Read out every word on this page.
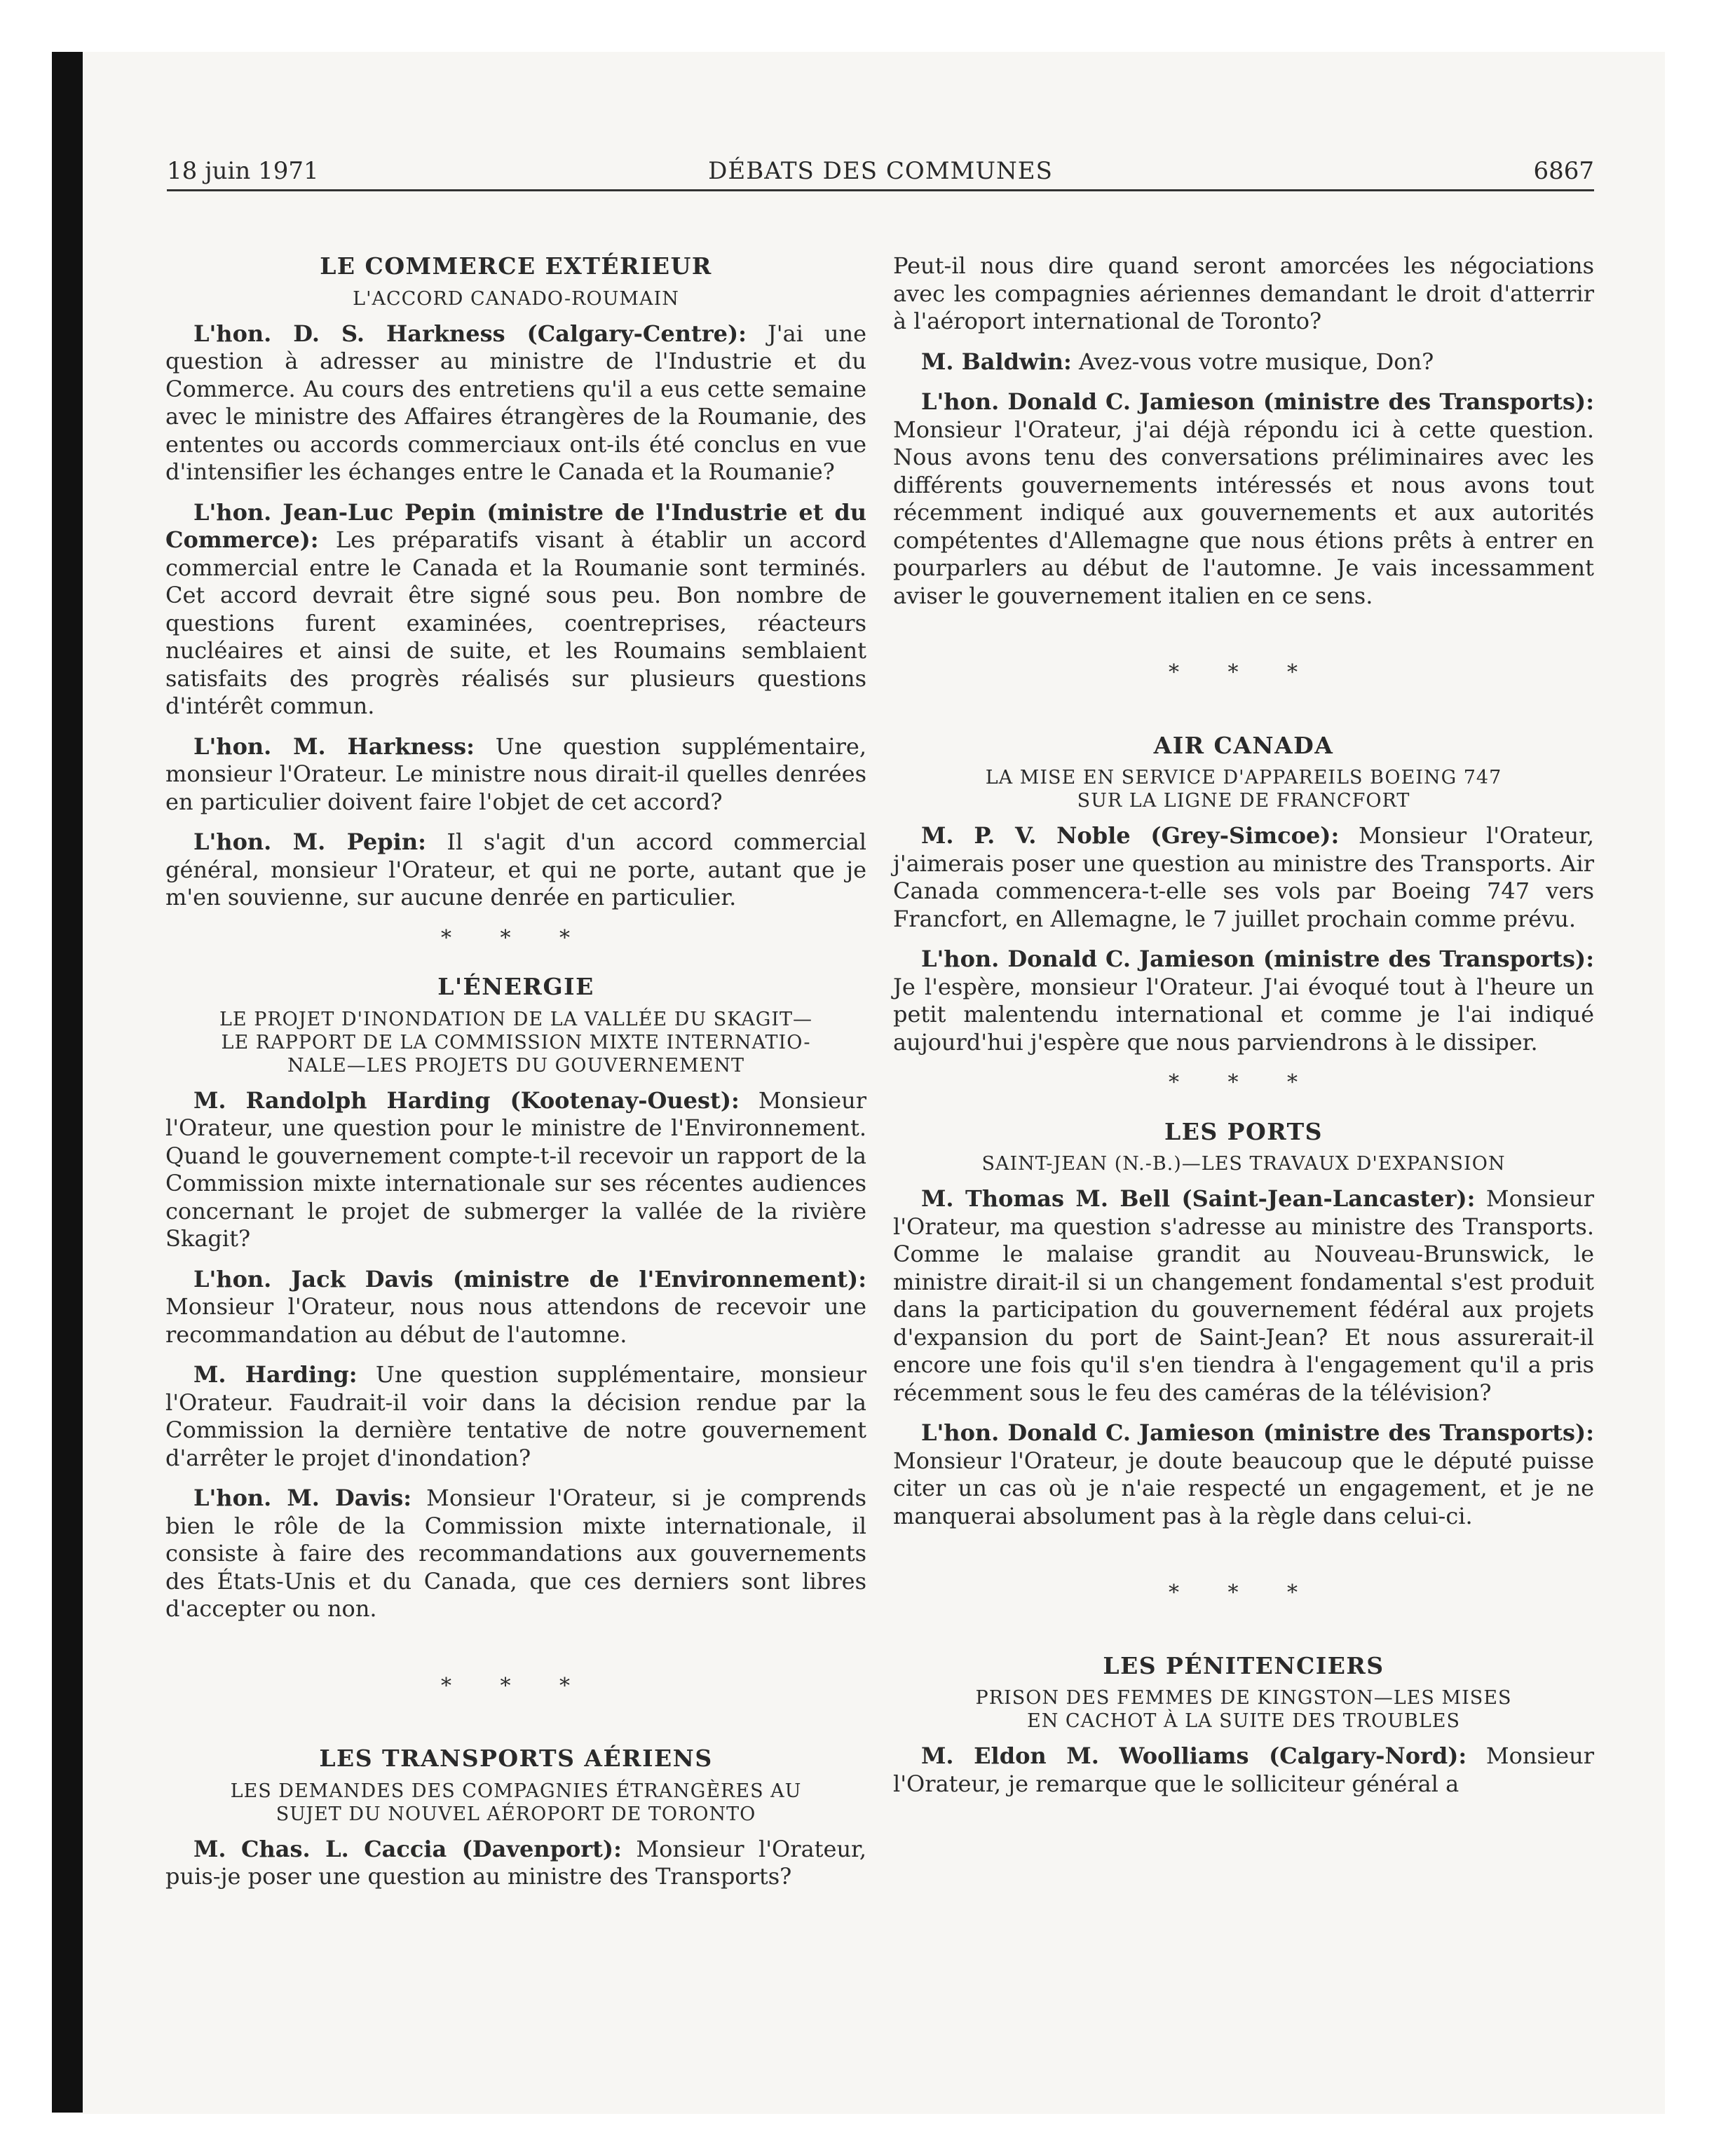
18 juin 1971	DÉBATS DES COMMUNES	6867
LE COMMERCE EXTÉRIEUR
L'ACCORD CANADO-ROUMAIN

L'hon. D. S. Harkness (Calgary-Centre): J'ai une question à adresser au ministre de l'Industrie et du Commerce. Au cours des entretiens qu'il a eus cette semaine avec le ministre des Affaires étrangères de la Roumanie, des ententes ou accords commerciaux ont-ils été conclus en vue d'intensifier les échanges entre le Canada et la Roumanie?

L'hon. Jean-Luc Pepin (ministre de l'Industrie et du Commerce): Les préparatifs visant à établir un accord commercial entre le Canada et la Roumanie sont terminés. Cet accord devrait être signé sous peu. Bon nombre de questions furent examinées, coentreprises, réacteurs nucléaires et ainsi de suite, et les Roumains semblaient satisfaits des progrès réalisés sur plusieurs questions d'intérêt commun.

L'hon. M. Harkness: Une question supplémentaire, monsieur l'Orateur. Le ministre nous dirait-il quelles denrées en particulier doivent faire l'objet de cet accord?

L'hon. M. Pepin: Il s'agit d'un accord commercial général, monsieur l'Orateur, et qui ne porte, autant que je m'en souvienne, sur aucune denrée en particulier.

* * *
L'ÉNERGIE
LE PROJET D'INONDATION DE LA VALLÉE DU SKAGIT—
LE RAPPORT DE LA COMMISSION MIXTE INTERNATIO-
NALE—LES PROJETS DU GOUVERNEMENT

M. Randolph Harding (Kootenay-Ouest): Monsieur l'Orateur, une question pour le ministre de l'Environnement. Quand le gouvernement compte-t-il recevoir un rapport de la Commission mixte internationale sur ses récentes audiences concernant le projet de submerger la vallée de la rivière Skagit?

L'hon. Jack Davis (ministre de l'Environnement): Monsieur l'Orateur, nous nous attendons de recevoir une recommandation au début de l'automne.

M. Harding: Une question supplémentaire, monsieur l'Orateur. Faudrait-il voir dans la décision rendue par la Commission la dernière tentative de notre gouvernement d'arrêter le projet d'inondation?

L'hon. M. Davis: Monsieur l'Orateur, si je comprends bien le rôle de la Commission mixte internationale, il consiste à faire des recommandations aux gouvernements des États-Unis et du Canada, que ces derniers sont libres d'accepter ou non.

* * *
LES TRANSPORTS AÉRIENS
LES DEMANDES DES COMPAGNIES ÉTRANGÈRES AU
SUJET DU NOUVEL AÉROPORT DE TORONTO

M. Chas. L. Caccia (Davenport): Monsieur l'Orateur, puis-je poser une question au ministre des Transports?

Peut-il nous dire quand seront amorcées les négociations avec les compagnies aériennes demandant le droit d'atterrir à l'aéroport international de Toronto?

M. Baldwin: Avez-vous votre musique, Don?

L'hon. Donald C. Jamieson (ministre des Transports): Monsieur l'Orateur, j'ai déjà répondu ici à cette question. Nous avons tenu des conversations préliminaires avec les différents gouvernements intéressés et nous avons tout récemment indiqué aux gouvernements et aux autorités compétentes d'Allemagne que nous étions prêts à entrer en pourparlers au début de l'automne. Je vais incessamment aviser le gouvernement italien en ce sens.

* * *
AIR CANADA
LA MISE EN SERVICE D'APPAREILS BOEING 747
SUR LA LIGNE DE FRANCFORT

M. P. V. Noble (Grey-Simcoe): Monsieur l'Orateur, j'aimerais poser une question au ministre des Transports. Air Canada commencera-t-elle ses vols par Boeing 747 vers Francfort, en Allemagne, le 7 juillet prochain comme prévu.

L'hon. Donald C. Jamieson (ministre des Transports): Je l'espère, monsieur l'Orateur. J'ai évoqué tout à l'heure un petit malentendu international et comme je l'ai indiqué aujourd'hui j'espère que nous parviendrons à le dissiper.

* * *
LES PORTS
SAINT-JEAN (N.-B.)—LES TRAVAUX D'EXPANSION

M. Thomas M. Bell (Saint-Jean-Lancaster): Monsieur l'Orateur, ma question s'adresse au ministre des Transports. Comme le malaise grandit au Nouveau-Brunswick, le ministre dirait-il si un changement fondamental s'est produit dans la participation du gouvernement fédéral aux projets d'expansion du port de Saint-Jean? Et nous assurerait-il encore une fois qu'il s'en tiendra à l'engagement qu'il a pris récemment sous le feu des caméras de la télévision?

L'hon. Donald C. Jamieson (ministre des Transports): Monsieur l'Orateur, je doute beaucoup que le député puisse citer un cas où je n'aie respecté un engagement, et je ne manquerai absolument pas à la règle dans celui-ci.

* * *
LES PÉNITENCIERS
PRISON DES FEMMES DE KINGSTON—LES MISES
EN CACHOT À LA SUITE DES TROUBLES

M. Eldon M. Woolliams (Calgary-Nord): Monsieur l'Orateur, je remarque que le solliciteur général a
